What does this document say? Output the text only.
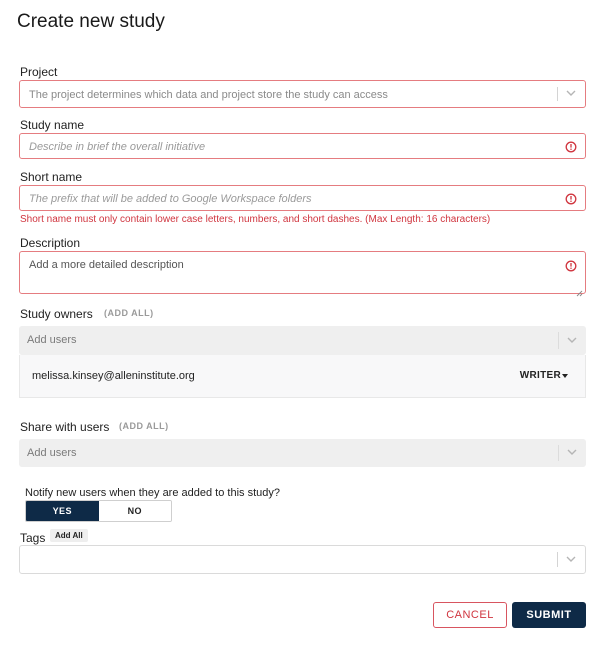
Create new study
Project
The project determines which data and project store the study can access
Study name
Describe in brief the overall initiative
Short name
The prefix that will be added to Google Workspace folders
Short name must only contain lower case letters, numbers, and short dashes. (Max Length: 16 characters)
Description
Add a more detailed description
Study owners (ADD ALL)
Add users
melissa.kinsey@alleninstitute.org	WRITER
Share with users (ADD ALL)
Add users
Notify new users when they are added to this study?
YES	NO
Tags	Add All
CANCEL	SUBMIT
